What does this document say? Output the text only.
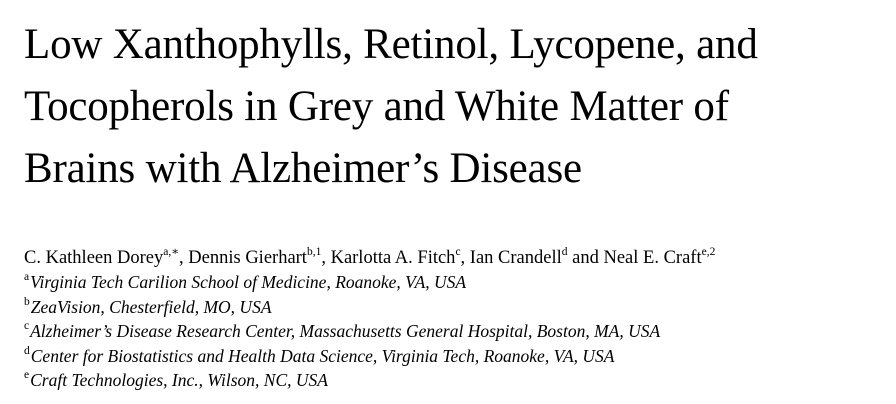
Low Xanthophylls, Retinol, Lycopene, and
Tocopherols in Grey and White Matter of
Brains with Alzheimer’s Disease
C. Kathleen Dorey$^{a,∗}$, Dennis Gierhart$^{b,1}$, Karlotta A. Fitch$^c$, Ian Crandell$^d$ and Neal E. Craft$^{e,2}$
$^a$Virginia Tech Carilion School of Medicine, Roanoke, VA, USA
$^b$ZeaVision, Chesterfield, MO, USA
$^c$Alzheimer’s Disease Research Center, Massachusetts General Hospital, Boston, MA, USA
$^d$Center for Biostatistics and Health Data Science, Virginia Tech, Roanoke, VA, USA
$^e$Craft Technologies, Inc., Wilson, NC, USA
